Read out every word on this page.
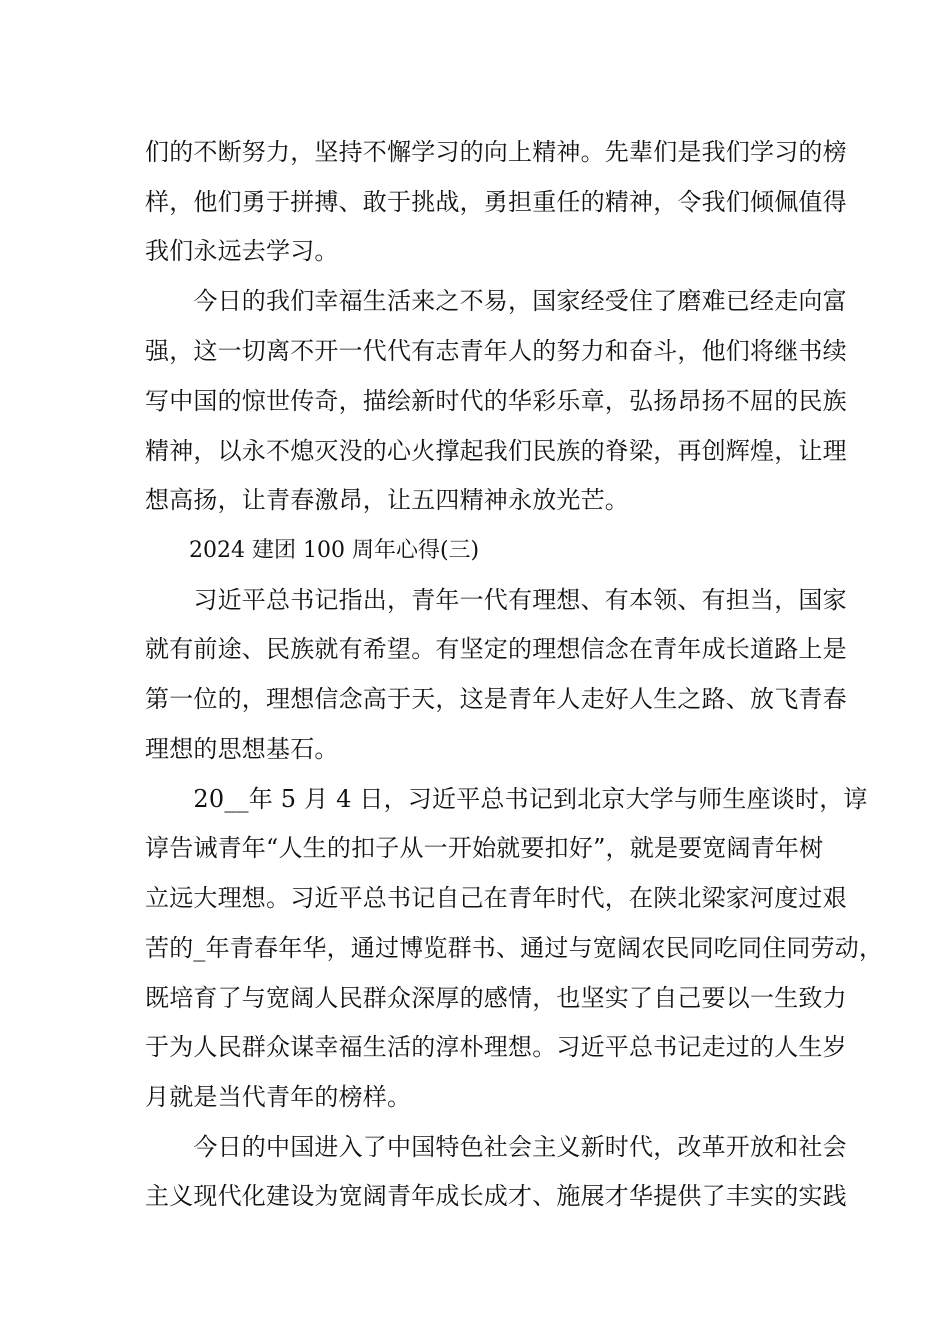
们的不断努力，坚持不懈学习的向上精神。先辈们是我们学习的榜
样，他们勇于拼搏、敢于挑战，勇担重任的精神，令我们倾佩值得
我们永远去学习。
　　今日的我们幸福生活来之不易，国家经受住了磨难已经走向富
强，这一切离不开一代代有志青年人的努力和奋斗，他们将继书续
写中国的惊世传奇，描绘新时代的华彩乐章，弘扬昂扬不屈的民族
精神，以永不熄灭没的心火撑起我们民族的脊梁，再创辉煌，让理
想高扬，让青春激昂，让五四精神永放光芒。
　　2024 建团 100 周年心得(三)
　　习近平总书记指出，青年一代有理想、有本领、有担当，国家
就有前途、民族就有希望。有坚定的理想信念在青年成长道路上是
第一位的，理想信念高于天，这是青年人走好人生之路、放飞青春
理想的思想基石。
　　20__年 5 月 4 日，习近平总书记到北京大学与师生座谈时，谆
谆告诫青年“人生的扣子从一开始就要扣好”，就是要宽阔青年树
立远大理想。习近平总书记自己在青年时代，在陕北梁家河度过艰
苦的_年青春年华，通过博览群书、通过与宽阔农民同吃同住同劳动，
既培育了与宽阔人民群众深厚的感情，也坚实了自己要以一生致力
于为人民群众谋幸福生活的淳朴理想。习近平总书记走过的人生岁
月就是当代青年的榜样。
　　今日的中国进入了中国特色社会主义新时代，改革开放和社会
主义现代化建设为宽阔青年成长成才、施展才华提供了丰实的实践
